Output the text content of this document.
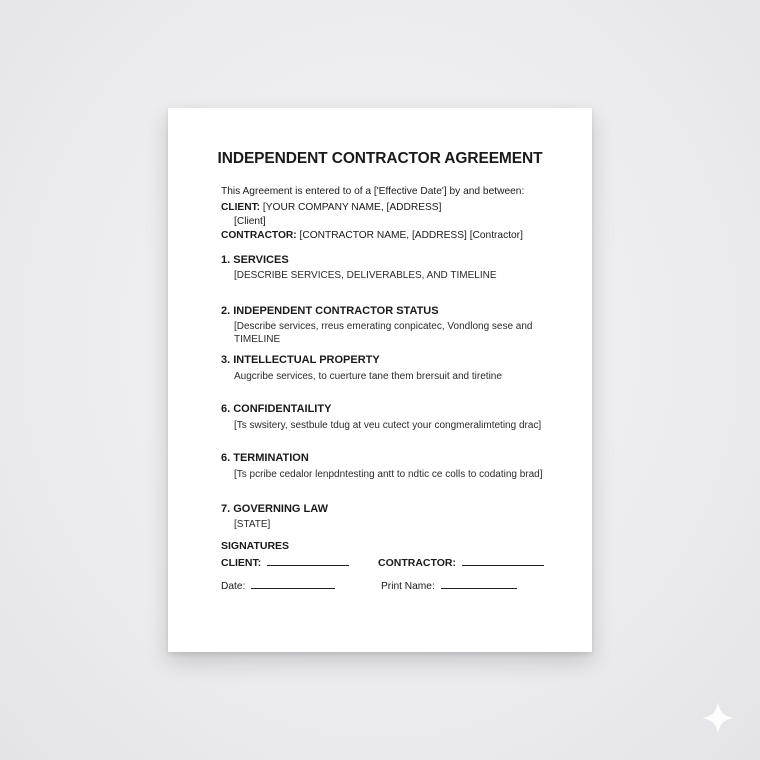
INDEPENDENT CONTRACTOR AGREEMENT
This Agreement is entered to of a ['Effective Date'] by and between:
CLIENT: [YOUR COMPANY NAME, [ADDRESS]
[Client]
CONTRACTOR: [CONTRACTOR NAME, [ADDRESS] [Contractor]
1. SERVICES
[DESCRIBE SERVICES, DELIVERABLES, AND TIMELINE
2. INDEPENDENT CONTRACTOR STATUS
[Describe services, rreus emerating conpicatec, Vondlong sese and TIMELINE
3. INTELLECTUAL PROPERTY
Augcribe services, to cuerture tane them brersuit and tiretine
6. CONFIDENTAILITY
[Ts swsitery, sestbule tdug at veu cutect your congmeralimteting drac]
6. TERMINATION
[Ts pcribe cedalor lenpdntesting antt to ndtic ce colls to codating brad]
7. GOVERNING LAW
[STATE]
SIGNATURES
CLIENT:	CONTRACTOR:
Date:	Print Name:
